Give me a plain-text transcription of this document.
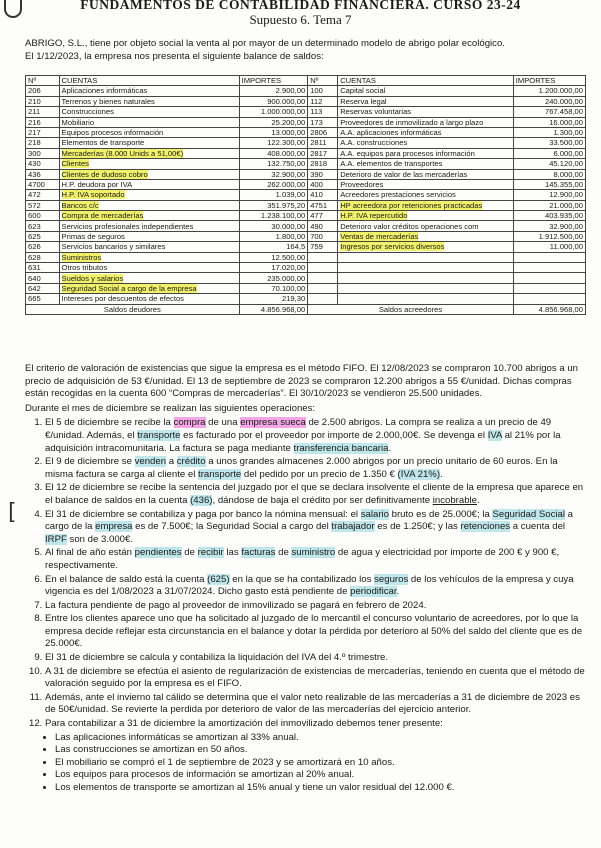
FUNDAMENTOS DE CONTABILIDAD FINANCIERA. CURSO 23-24
Supuesto 6. Tema 7
ABRIGO, S.L., tiene por objeto social la venta al por mayor de un determinado modelo de abrigo polar ecológico.
El 1/12/2023, la empresa nos presenta el siguiente balance de saldos:
Nº	CUENTAS	IMPORTES	Nº	CUENTAS	IMPORTES
206	Aplicaciones informáticas	2.900,00	100	Capital social	1.200.000,00
210	Terrenos y bienes naturales	900.000,00	112	Reserva legal	240.000,00
211	Construcciones	1.000.000,00	113	Reservas voluntarias	767.458,00
216	Mobiliario	25.200,00	173	Proveedores de inmovilizado a largo plazo	16.000,00
217	Equipos procesos información	13.000,00	2806	A.A. aplicaciones informáticas	1.300,00
218	Elementos de transporte	122.300,00	2811	A.A. construcciones	33.500,00
300	Mercaderías (8.000 Unids a 51,00€)	408.000,00	2817	A.A. equipos para procesos información	6.000,00
430	Clientes	132.750,00	2818	A.A. elementos de transportes	45.120,00
436	Clientes de dudoso cobro	32.900,00	390	Deterioro de valor de las mercaderías	8.000,00
4700	H.P. deudora por IVA	262.000,00	400	Proveedores	145.355,00
472	H.P. IVA soportado	1.039,00	410	Acreedores prestaciones servicios	12.900,00
572	Bancos c/c	351.975,20	4751	HP acreedora por retenciones practicadas	21.000,00
600	Compra de mercaderías	1.238.100,00	477	H.P. IVA repercutido	403.935,00
623	Servicios profesionales independientes	30.000,00	490	Deterioro valor créditos operaciones com	32.900,00
625	Primas de seguros	1.800,00	700	Ventas de mercaderías	1.912.500,00
626	Servicios bancarios y similares	164,5	759	Ingresos por servicios diversos	11.000,00
628	Suministros	12.500,00			
631	Otros tributos	17.020,00			
640	Sueldos y salarios	235.000,00			
642	Seguridad Social a cargo de la empresa	70.100,00			
665	Intereses por descuentos de efectos	219,30			
Saldos deudores		4.856.968,00	Saldos acreedores		4.856.968,00
[

El criterio de valoración de existencias que sigue la empresa es el método FIFO. El 12/08/2023 se compraron 10.700 abrigos a un precio de adquisición de 53 €/unidad. El 13 de septiembre de 2023 se compraron 12.200 abrigos a 55 €/unidad. Dichas compras están recogidas en la cuenta 600 “Compras de mercaderías”. El 30/10/2023 se vendieron 25.500 unidades.

Durante el mes de diciembre se realizan las siguientes operaciones:

1. El 5 de diciembre se recibe la compra de una empresa sueca de 2.500 abrigos. La compra se realiza a un precio de 49 €/unidad. Además, el transporte es facturado por el proveedor por importe de 2.000,00€. Se devenga el IVA al 21% por la adquisición intracomunitaria. La factura se paga mediante transferencia bancaria.
2. El 9 de diciembre se venden a crédito a unos grandes almacenes 2.000 abrigos por un precio unitario de 60 euros. En la misma factura se carga al cliente el transporte del pedido por un precio de 1.350 € (IVA 21%).
3. El 12 de diciembre se recibe la sentencia del juzgado por el que se declara insolvente el cliente de la empresa que aparece en el balance de saldos en la cuenta (436), dándose de baja el crédito por ser definitivamente incobrable.
4. El 31 de diciembre se contabiliza y paga por banco la nómina mensual: el salario bruto es de 25.000€; la Seguridad Social a cargo de la empresa es de 7.500€; la Seguridad Social a cargo del trabajador es de 1.250€; y las retenciones a cuenta del IRPF son de 3.000€.
5. Al final de año están pendientes de recibir las facturas de suministro de agua y electricidad por importe de 200 € y 900 €, respectivamente.
6. En el balance de saldo está la cuenta (625) en la que se ha contabilizado los seguros de los vehículos de la empresa y cuya vigencia es del 1/08/2023 a 31/07/2024. Dicho gasto está pendiente de periodificar.
7. La factura pendiente de pago al proveedor de inmovilizado se pagará en febrero de 2024.
8. Entre los clientes aparece uno que ha solicitado al juzgado de lo mercantil el concurso voluntario de acreedores, por lo que la empresa decide reflejar esta circunstancia en el balance y dotar la pérdida por deterioro al 50% del saldo del cliente que es de 25.000€.
9. El 31 de diciembre se calcula y contabiliza la liquidación del IVA del 4.º trimestre.
10. A 31 de diciembre se efectúa el asiento de regularización de existencias de mercaderías, teniendo en cuenta que el método de valoración seguido por la empresa es el FIFO.
11. Además, ante el invierno tal cálido se determina que el valor neto realizable de las mercaderías a 31 de diciembre de 2023 es de 50€/unidad. Se revierte la perdida por deterioro de valor de las mercaderías del ejercicio anterior.
12. Para contabilizar a 31 de diciembre la amortización del inmovilizado debemos tener presente:
• Las aplicaciones informáticas se amortizan al 33% anual.
• Las construcciones se amortizan en 50 años.
• El mobiliario se compró el 1 de septiembre de 2023 y se amortizará en 10 años.
• Los equipos para procesos de información se amortizan al 20% anual.
• Los elementos de transporte se amortizan al 15% anual y tiene un valor residual del 12.000 €.
